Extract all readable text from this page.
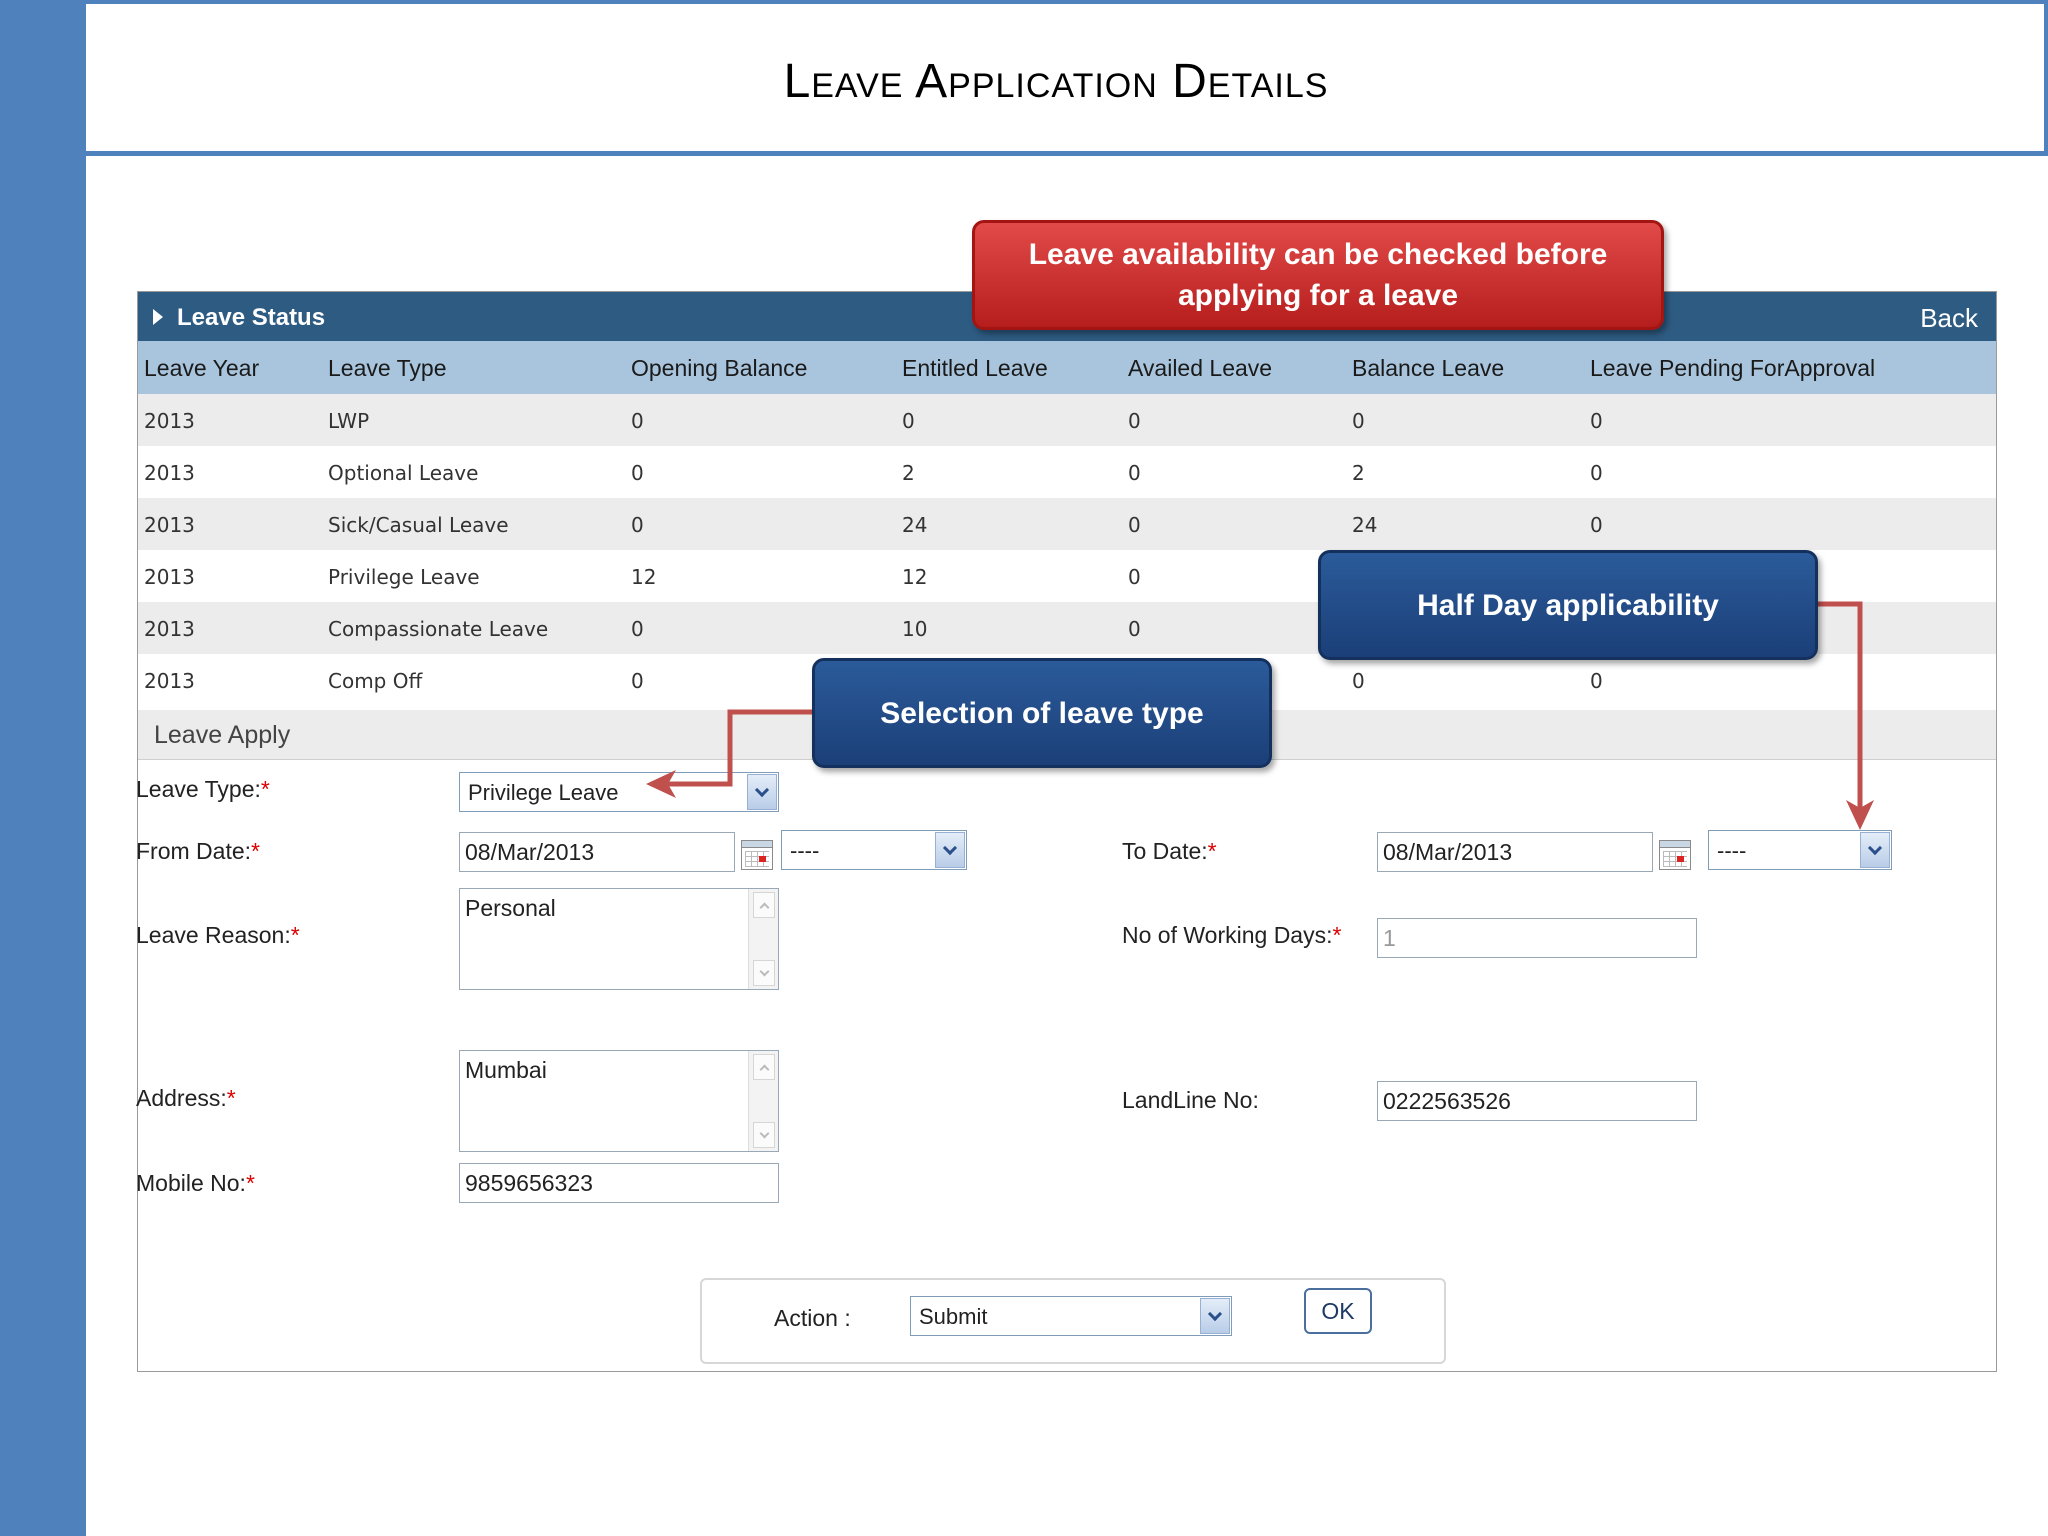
Leave Application Details
Leave Status	Back
Leave Year	Leave Type	Opening Balance	Entitled Leave	Availed Leave	Balance Leave	Leave Pending ForApproval
2013	LWP	0	0	0	0	0
2013	Optional Leave	0	2	0	2	0
2013	Sick/Casual Leave	0	24	0	24	0
2013	Privilege Leave	12	12	0
2013	Compassionate Leave	0	10	0
2013	Comp Off	0	0	0
Leave Apply
Leave Type:*	Privilege Leave
From Date:*	08/Mar/2013	----	To Date:*	08/Mar/2013	----
Leave Reason:*
Personal
No of Working Days:* 1
Address:*
Mumbai
LandLine No:	0222563526
Mobile No:*	9859656323
Action :	Submit	OK
Leave availability can be checked before applying for a leave
Half Day applicability
Selection of leave type
